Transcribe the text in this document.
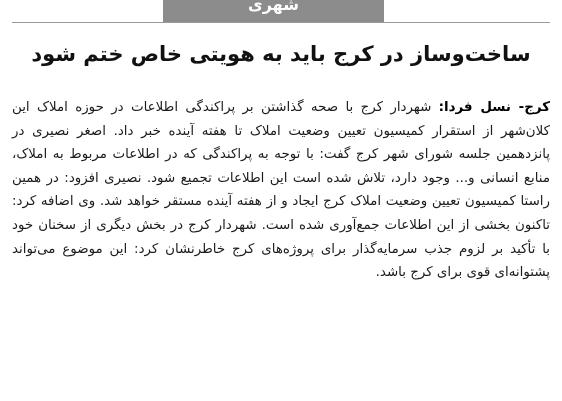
شهری
ساخت‌وساز در کرج باید به هویتی خاص ختم شود

کرج- نسل فردا: شهردار کرج با صحه گذاشتن بر پراکندگی اطلاعات در حوزه املاک این کلان‌شهر از استقرار کمیسیون تعیین وضعیت املاک تا هفته آینده خبر داد. اصغر نصیری در پانزدهمین جلسه شورای شهر کرج گفت: با توجه به پراکندگی که در اطلاعات مربوط به املاک، منابع انسانی و... وجود دارد، تلاش شده است این اطلاعات تجمیع شود. نصیری افزود: در همین راستا کمیسیون تعیین وضعیت املاک کرج ایجاد و از هفته آینده مستقر خواهد شد. وی اضافه کرد: تاکنون بخشی از این اطلاعات جمع‌آوری شده است. شهردار کرج در بخش دیگری از سخنان خود با تأکید بر لزوم جذب سرمایه‌گذار برای پروژه‌های کرج خاطرنشان کرد: این موضوع می‌تواند پشتوانه‌ای قوی برای کرج باشد.
